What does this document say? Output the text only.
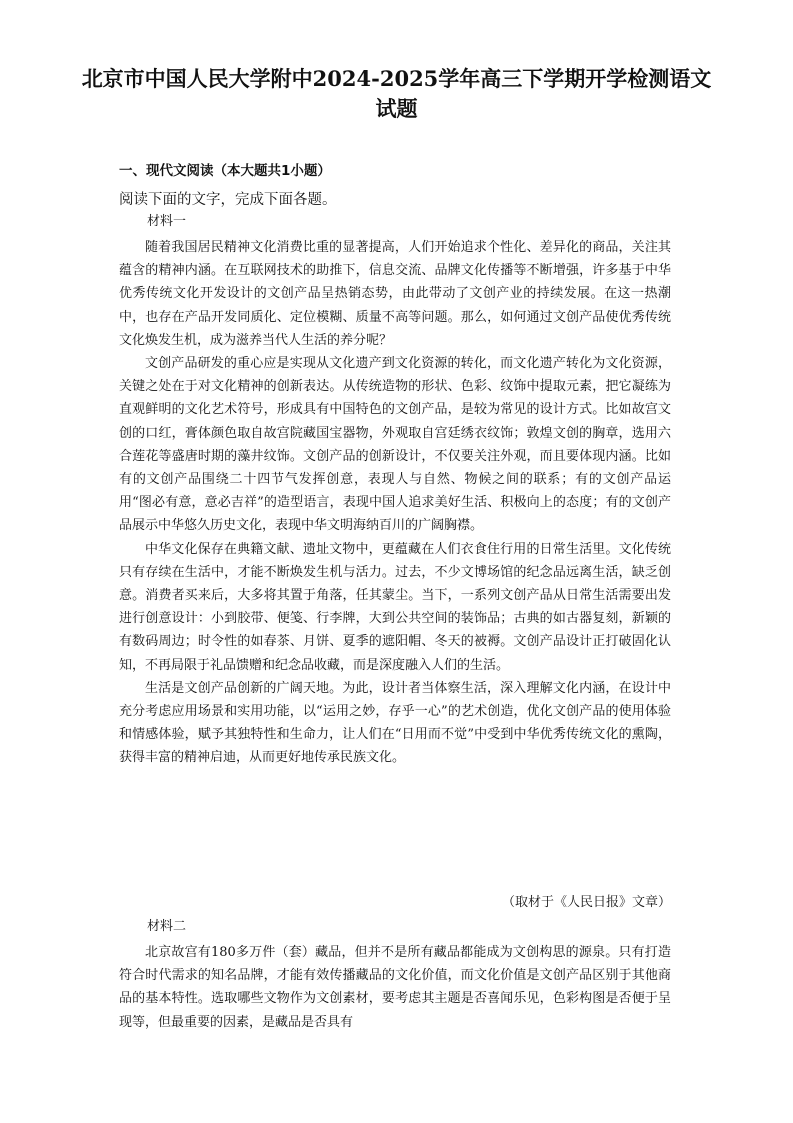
北京市中国人民大学附中2024-2025学年高三下学期开学检测语文试题
一、现代文阅读（本大题共1小题）
阅读下面的文字，完成下面各题。
材料一

随着我国居民精神文化消费比重的显著提高，人们开始追求个性化、差异化的商品，关注其蕴含的精神内涵。在互联网技术的助推下，信息交流、品牌文化传播等不断增强，许多基于中华优秀传统文化开发设计的文创产品呈热销态势，由此带动了文创产业的持续发展。在这一热潮中，也存在产品开发同质化、定位模糊、质量不高等问题。那么，如何通过文创产品使优秀传统文化焕发生机，成为滋养当代人生活的养分呢？

文创产品研发的重心应是实现从文化遗产到文化资源的转化，而文化遗产转化为文化资源，关键之处在于对文化精神的创新表达。从传统造物的形状、色彩、纹饰中提取元素，把它凝练为直观鲜明的文化艺术符号，形成具有中国特色的文创产品，是较为常见的设计方式。比如故宫文创的口红，膏体颜色取自故宫院藏国宝器物，外观取自宫廷绣衣纹饰；敦煌文创的胸章，选用六合莲花等盛唐时期的藻井纹饰。文创产品的创新设计，不仅要关注外观，而且要体现内涵。比如有的文创产品围绕二十四节气发挥创意，表现人与自然、物候之间的联系；有的文创产品运用“图必有意，意必吉祥”的造型语言，表现中国人追求美好生活、积极向上的态度；有的文创产品展示中华悠久历史文化，表现中华文明海纳百川的广阔胸襟。

中华文化保存在典籍文献、遗址文物中，更蕴藏在人们衣食住行用的日常生活里。文化传统只有存续在生活中，才能不断焕发生机与活力。过去，不少文博场馆的纪念品远离生活，缺乏创意。消费者买来后，大多将其置于角落，任其蒙尘。当下，一系列文创产品从日常生活需要出发进行创意设计：小到胶带、便笺、行李牌，大到公共空间的装饰品；古典的如古器复刻，新颖的有数码周边；时令性的如春茶、月饼、夏季的遮阳帽、冬天的被褥。文创产品设计正打破固化认知，不再局限于礼品馈赠和纪念品收藏，而是深度融入人们的生活。

生活是文创产品创新的广阔天地。为此，设计者当体察生活，深入理解文化内涵，在设计中充分考虑应用场景和实用功能，以“运用之妙，存乎一心”的艺术创造，优化文创产品的使用体验和情感体验，赋予其独特性和生命力，让人们在“日用而不觉”中受到中华优秀传统文化的熏陶，获得丰富的精神启迪，从而更好地传承民族文化。

（取材于《人民日报》文章）
材料二

北京故宫有180多万件（套）藏品，但并不是所有藏品都能成为文创构思的源泉。只有打造符合时代需求的知名品牌，才能有效传播藏品的文化价值，而文化价值是文创产品区别于其他商品的基本特性。选取哪些文物作为文创素材，要考虑其主题是否喜闻乐见，色彩构图是否便于呈现等，但最重要的因素，是藏品是否具有
